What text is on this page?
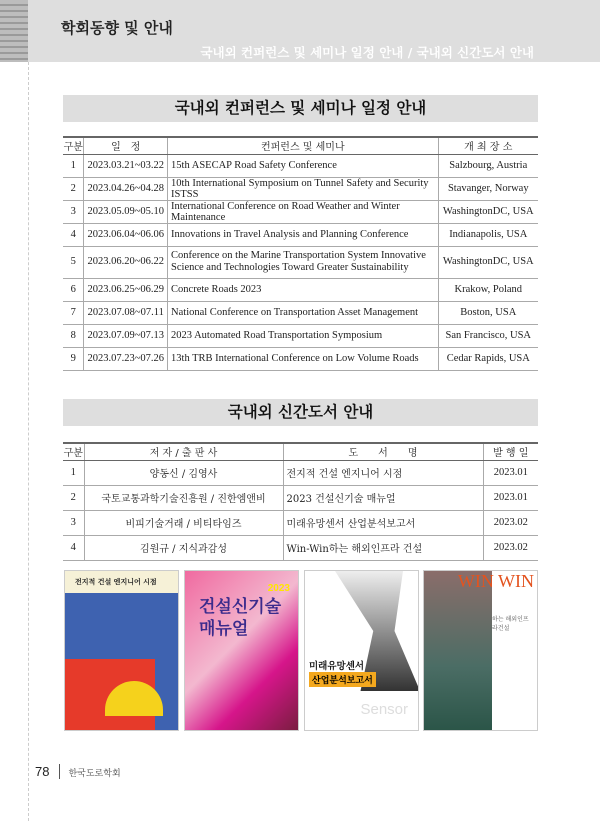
학회동향 및 안내
국내외 컨퍼런스 및 세미나 일정 안내 / 국내외 신간도서 안내
국내외 컨퍼런스 및 세미나 일정 안내
구분	일　정	컨퍼런스 및 세미나	개 최 장 소
1	2023.03.21~03.22	15th ASECAP Road Safety Conference	Salzbourg, Austria
2	2023.04.26~04.28	10th International Symposium on Tunnel Safety and Security ISTSS	Stavanger, Norway
3	2023.05.09~05.10	International Conference on Road Weather and Winter Maintenance	WashingtonDC, USA
4	2023.06.04~06.06	Innovations in Travel Analysis and Planning Conference	Indianapolis, USA
5	2023.06.20~06.22	Conference on the Marine Transportation System Innovative Science and Technologies Toward Greater Sustainability	WashingtonDC, USA
6	2023.06.25~06.29	Concrete Roads 2023	Krakow, Poland
7	2023.07.08~07.11	National Conference on Transportation Asset Management	Boston, USA
8	2023.07.09~07.13	2023 Automated Road Transportation Symposium	San Francisco, USA
9	2023.07.23~07.26	13th TRB International Conference on Low Volume Roads	Cedar Rapids, USA
국내외 신간도서 안내
구분	저 자 / 출 판 사	도　　서　　명	발 행 일
1	양동신 / 김영사	전지적 건설 엔지니어 시점	2023.01
2	국토교통과학기술진흥원 / 진한엠앤비	2023 건설신기술 매뉴얼	2023.01
3	비피기술거래 / 비티타임즈	미래유망센서 산업분석보고서	2023.02
4	김원규 / 지식과감성	Win-Win하는 해외인프라 건설	2023.02
전지적 건설 엔지니어 시점
2023
건설신기술매뉴얼
미래유망센서
산업분석보고서
Sensor
WIN WIN
하는 해외인프라건설
78 한국도로학회
